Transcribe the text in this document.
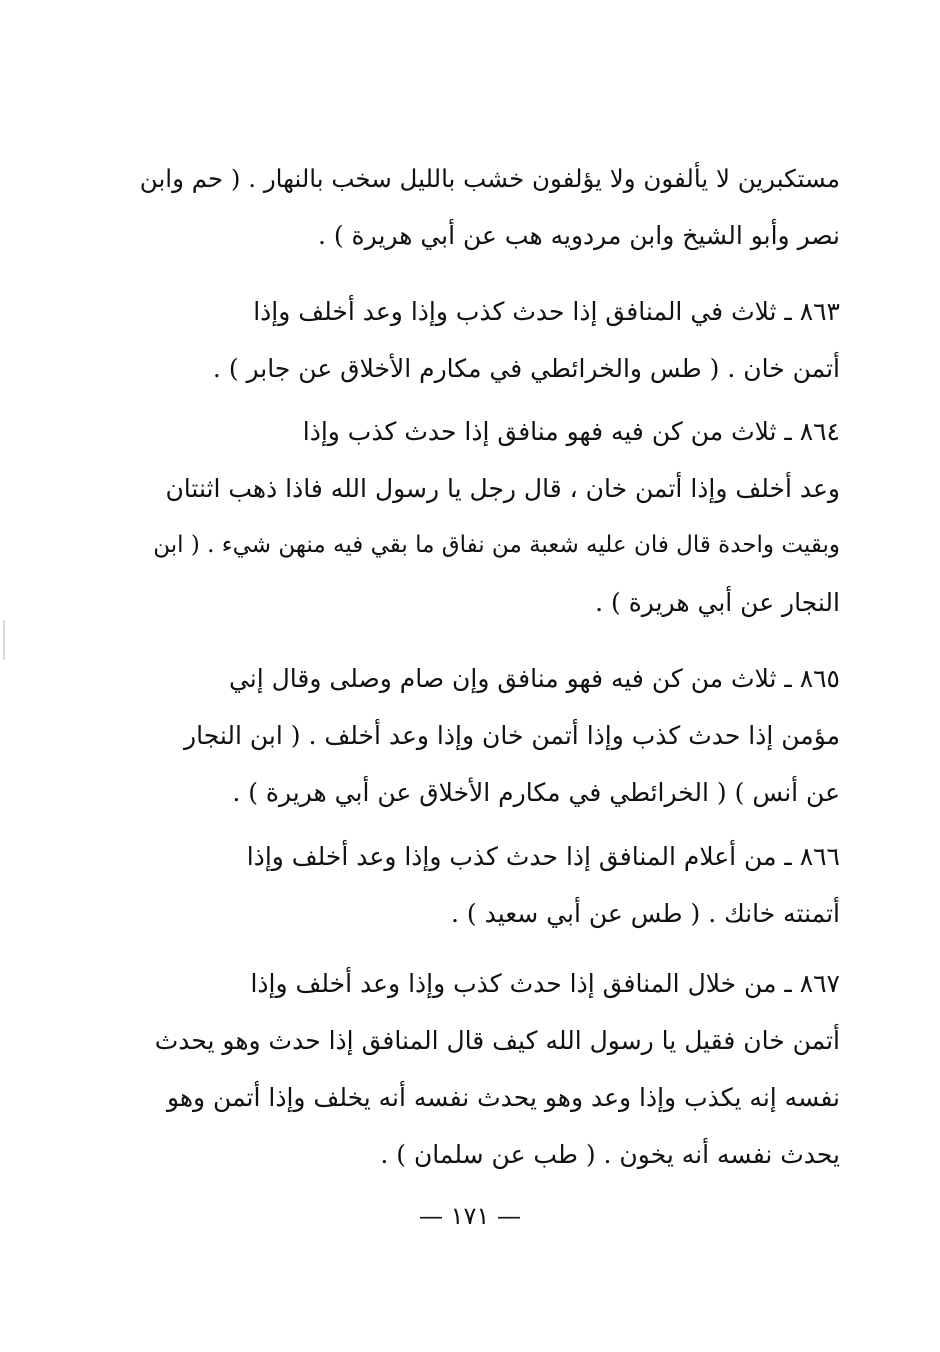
مستكبرين لا يألفون ولا يؤلفون خشب بالليل سخب بالنهار . ( حم وابن
نصر وأبو الشيخ وابن مردويه هب عن أبي هريرة ) .
٨٦٣ ـ ثلاث في المنافق إذا حدث كذب وإذا وعد أخلف وإذا
أتمن خان . ( طس والخرائطي في مكارم الأخلاق عن جابر ) .
٨٦٤ ـ ثلاث من كن فيه فهو منافق إذا حدث كذب وإذا
وعد أخلف وإذا أتمن خان ، قال رجل يا رسول الله فاذا ذهب اثنتان
وبقيت واحدة قال فان عليه شعبة من نفاق ما بقي فيه منهن شيء . ( ابن
النجار عن أبي هريرة ) .
٨٦٥ ـ ثلاث من كن فيه فهو منافق وإن صام وصلى وقال إني
مؤمن إذا حدث كذب وإذا أتمن خان وإذا وعد أخلف . ( ابن النجار
عن أنس ) ( الخرائطي في مكارم الأخلاق عن أبي هريرة ) .
٨٦٦ ـ من أعلام المنافق إذا حدث كذب وإذا وعد أخلف وإذا
أتمنته خانك . ( طس عن أبي سعيد ) .
٨٦٧ ـ من خلال المنافق إذا حدث كذب وإذا وعد أخلف وإذا
أتمن خان فقيل يا رسول الله كيف قال المنافق إذا حدث وهو يحدث
نفسه إنه يكذب وإذا وعد وهو يحدث نفسه أنه يخلف وإذا أتمن وهو
يحدث نفسه أنه يخون . ( طب عن سلمان ) .
— ١٧١ —
